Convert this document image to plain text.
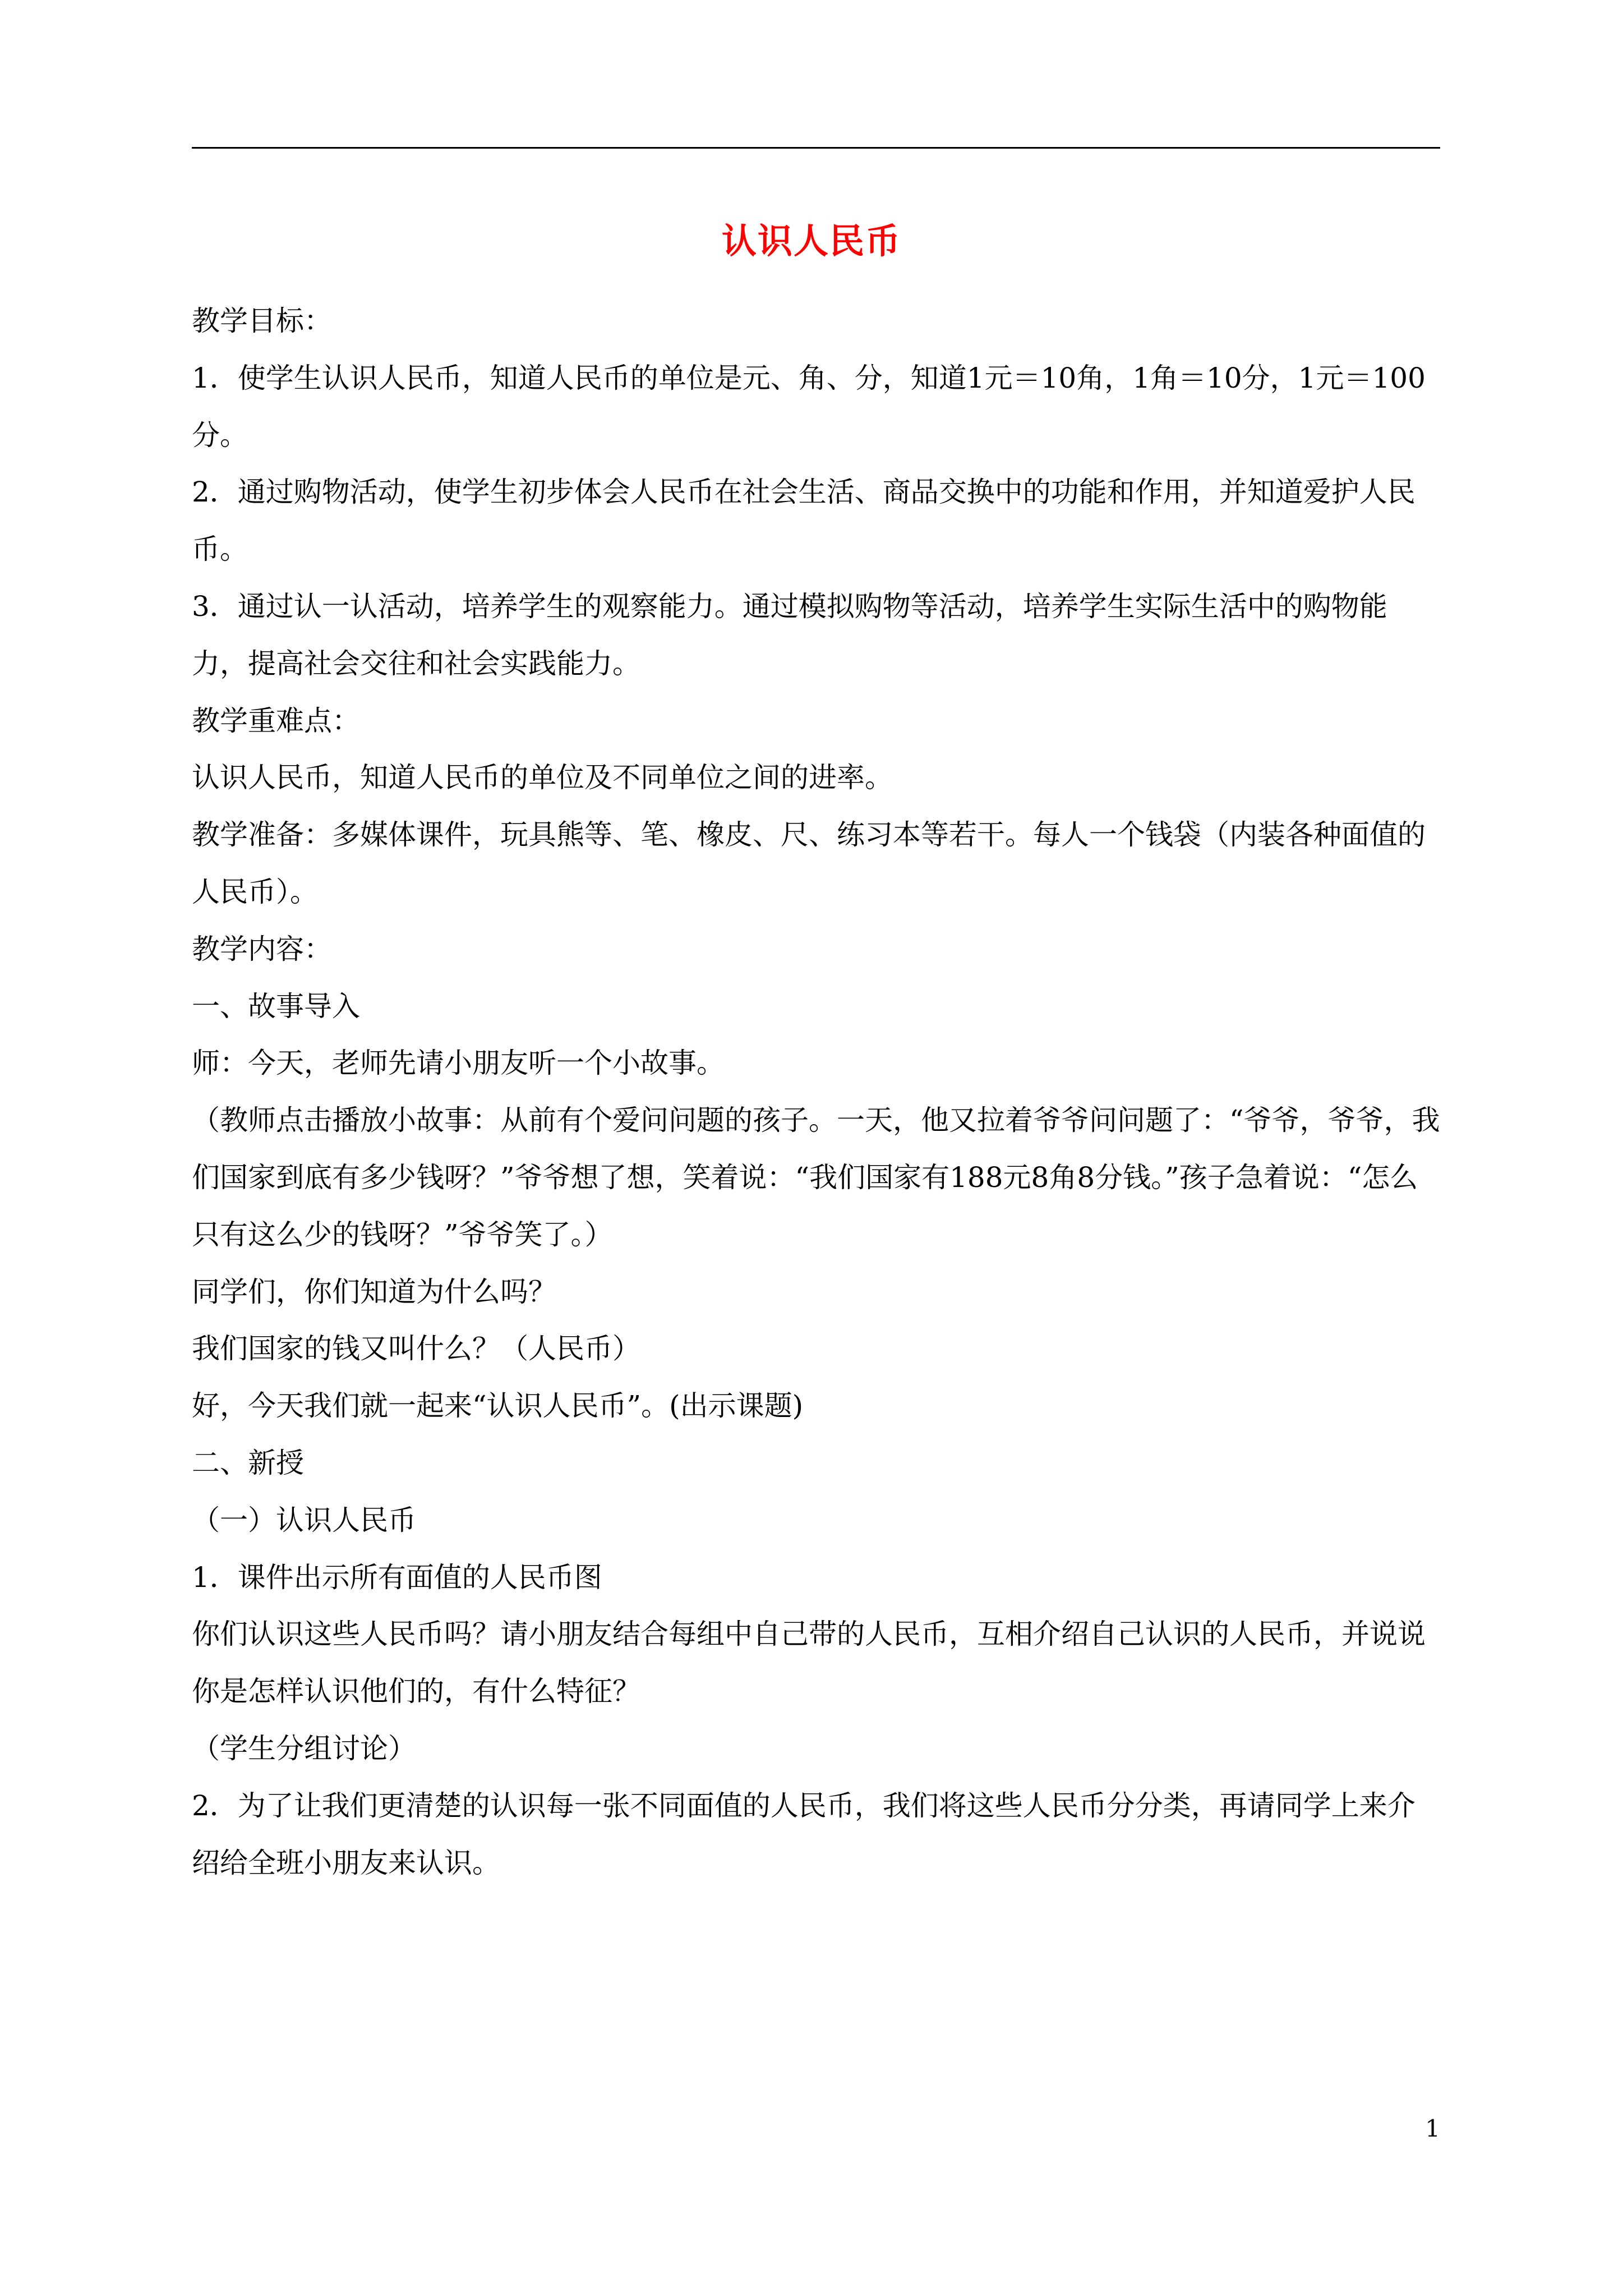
认识人民币

教学目标：

1．使学生认识人民币，知道人民币的单位是元、角、分，知道1元＝10角，1角＝10分，1元＝100分。

2．通过购物活动，使学生初步体会人民币在社会生活、商品交换中的功能和作用，并知道爱护人民币。

3．通过认一认活动，培养学生的观察能力。通过模拟购物等活动，培养学生实际生活中的购物能力，提高社会交往和社会实践能力。

教学重难点：

认识人民币，知道人民币的单位及不同单位之间的进率。

教学准备：多媒体课件，玩具熊等、笔、橡皮、尺、练习本等若干。每人一个钱袋（内装各种面值的人民币）。

教学内容：

一、故事导入

师：今天，老师先请小朋友听一个小故事。

（教师点击播放小故事：从前有个爱问问题的孩子。一天，他又拉着爷爷问问题了：“爷爷，爷爷，我们国家到底有多少钱呀？”爷爷想了想，笑着说：“我们国家有188元8角8分钱。”孩子急着说：“怎么只有这么少的钱呀？”爷爷笑了。）

同学们，你们知道为什么吗？

我们国家的钱又叫什么？（人民币）

好，今天我们就一起来“认识人民币”。(出示课题)

二、新授

（一）认识人民币

1．课件出示所有面值的人民币图

你们认识这些人民币吗？请小朋友结合每组中自己带的人民币，互相介绍自己认识的人民币，并说说你是怎样认识他们的，有什么特征？

（学生分组讨论）

2．为了让我们更清楚的认识每一张不同面值的人民币，我们将这些人民币分分类，再请同学上来介绍给全班小朋友来认识。

1
